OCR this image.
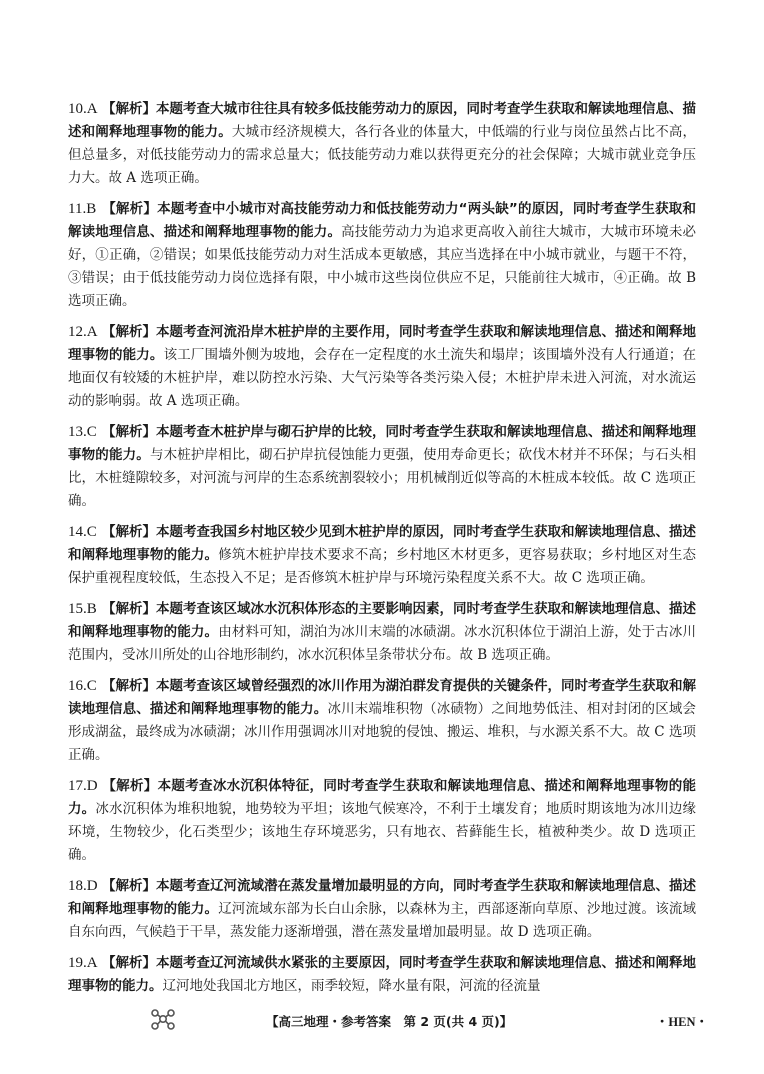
10.A 【解析】本题考查大城市往往具有较多低技能劳动力的原因，同时考查学生获取和解读地理信息、描述和阐释地理事物的能力。大城市经济规模大，各行各业的体量大，中低端的行业与岗位虽然占比不高，但总量多，对低技能劳动力的需求总量大；低技能劳动力难以获得更充分的社会保障；大城市就业竞争压力大。故 A 选项正确。

11.B 【解析】本题考查中小城市对高技能劳动力和低技能劳动力“两头缺”的原因，同时考查学生获取和解读地理信息、描述和阐释地理事物的能力。高技能劳动力为追求更高收入前往大城市，大城市环境未必好，①正确，②错误；如果低技能劳动力对生活成本更敏感，其应当选择在中小城市就业，与题干不符，③错误；由于低技能劳动力岗位选择有限，中小城市这些岗位供应不足，只能前往大城市，④正确。故 B 选项正确。

12.A 【解析】本题考查河流沿岸木桩护岸的主要作用，同时考查学生获取和解读地理信息、描述和阐释地理事物的能力。该工厂围墙外侧为坡地，会存在一定程度的水土流失和塌岸；该围墙外没有人行通道；在地面仅有较矮的木桩护岸，难以防控水污染、大气污染等各类污染入侵；木桩护岸未进入河流，对水流运动的影响弱。故 A 选项正确。

13.C 【解析】本题考查木桩护岸与砌石护岸的比较，同时考查学生获取和解读地理信息、描述和阐释地理事物的能力。与木桩护岸相比，砌石护岸抗侵蚀能力更强，使用寿命更长；砍伐木材并不环保；与石头相比，木桩缝隙较多，对河流与河岸的生态系统割裂较小；用机械削近似等高的木桩成本较低。故 C 选项正确。

14.C 【解析】本题考查我国乡村地区较少见到木桩护岸的原因，同时考查学生获取和解读地理信息、描述和阐释地理事物的能力。修筑木桩护岸技术要求不高；乡村地区木材更多，更容易获取；乡村地区对生态保护重视程度较低，生态投入不足；是否修筑木桩护岸与环境污染程度关系不大。故 C 选项正确。

15.B 【解析】本题考查该区域冰水沉积体形态的主要影响因素，同时考查学生获取和解读地理信息、描述和阐释地理事物的能力。由材料可知，湖泊为冰川末端的冰碛湖。冰水沉积体位于湖泊上游，处于古冰川范围内，受冰川所处的山谷地形制约，冰水沉积体呈条带状分布。故 B 选项正确。

16.C 【解析】本题考查该区域曾经强烈的冰川作用为湖泊群发育提供的关键条件，同时考查学生获取和解读地理信息、描述和阐释地理事物的能力。冰川末端堆积物（冰碛物）之间地势低洼、相对封闭的区域会形成湖盆，最终成为冰碛湖；冰川作用强调冰川对地貌的侵蚀、搬运、堆积，与水源关系不大。故 C 选项正确。

17.D 【解析】本题考查冰水沉积体特征，同时考查学生获取和解读地理信息、描述和阐释地理事物的能力。冰水沉积体为堆积地貌，地势较为平坦；该地气候寒冷，不利于土壤发育；地质时期该地为冰川边缘环境，生物较少，化石类型少；该地生存环境恶劣，只有地衣、苔藓能生长，植被种类少。故 D 选项正确。

18.D 【解析】本题考查辽河流域潜在蒸发量增加最明显的方向，同时考查学生获取和解读地理信息、描述和阐释地理事物的能力。辽河流域东部为长白山余脉，以森林为主，西部逐渐向草原、沙地过渡。该流域自东向西，气候趋于干旱，蒸发能力逐渐增强，潜在蒸发量增加最明显。故 D 选项正确。

19.A 【解析】本题考查辽河流域供水紧张的主要原因，同时考查学生获取和解读地理信息、描述和阐释地理事物的能力。辽河地处我国北方地区，雨季较短，降水量有限，河流的径流量

【高三地理・参考答案　第 2 页(共 4 页)】	・HEN・
